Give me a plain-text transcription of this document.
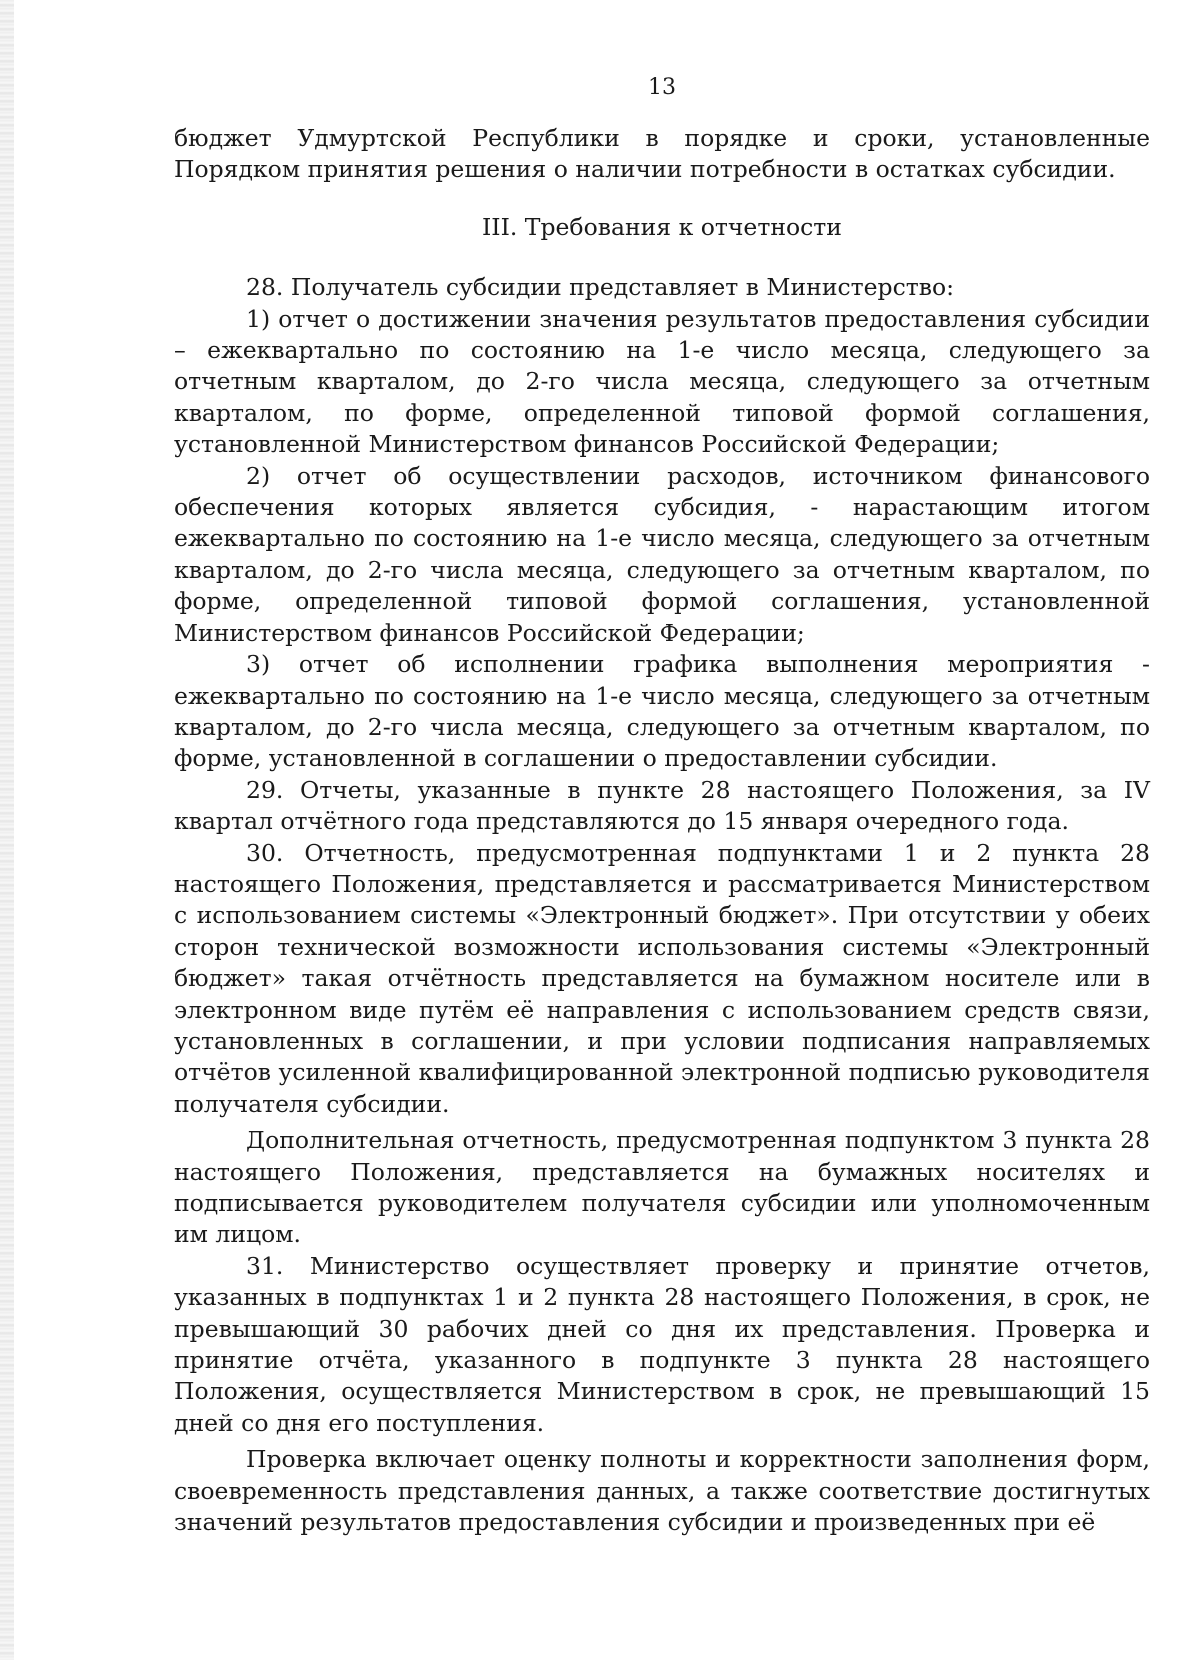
13

бюджет Удмуртской Республики в порядке и сроки, установленные Порядком принятия решения о наличии потребности в остатках субсидии.

III. Требования к отчетности

28. Получатель субсидии представляет в Министерство:

1) отчет о достижении значения результатов предоставления субсидии – ежеквартально по состоянию на 1-е число месяца, следующего за отчетным кварталом, до 2-го числа месяца, следующего за отчетным кварталом, по форме, определенной типовой формой соглашения, установленной Министерством финансов Российской Федерации;

2) отчет об осуществлении расходов, источником финансового обеспечения которых является субсидия, - нарастающим итогом ежеквартально по состоянию на 1-е число месяца, следующего за отчетным кварталом, до 2-го числа месяца, следующего за отчетным кварталом, по форме, определенной типовой формой соглашения, установленной Министерством финансов Российской Федерации;

3) отчет об исполнении графика выполнения мероприятия - ежеквартально по состоянию на 1-е число месяца, следующего за отчетным кварталом, до 2-го числа месяца, следующего за отчетным кварталом, по форме, установленной в соглашении о предоставлении субсидии.

29. Отчеты, указанные в пункте 28 настоящего Положения, за IV квартал отчётного года представляются до 15 января очередного года.

30. Отчетность, предусмотренная подпунктами 1 и 2 пункта 28 настоящего Положения, представляется и рассматривается Министерством с использованием системы «Электронный бюджет». При отсутствии у обеих сторон технической возможности использования системы «Электронный бюджет» такая отчётность представляется на бумажном носителе или в электронном виде путём её направления с использованием средств связи, установленных в соглашении, и при условии подписания направляемых отчётов усиленной квалифицированной электронной подписью руководителя получателя субсидии.

Дополнительная отчетность, предусмотренная подпунктом 3 пункта 28 настоящего Положения, представляется на бумажных носителях и подписывается руководителем получателя субсидии или уполномоченным им лицом.

31. Министерство осуществляет проверку и принятие отчетов, указанных в подпунктах 1 и 2 пункта 28 настоящего Положения, в срок, не превышающий 30 рабочих дней со дня их представления. Проверка и принятие отчёта, указанного в подпункте 3 пункта 28 настоящего Положения, осуществляется Министерством в срок, не превышающий 15 дней со дня его поступления.

Проверка включает оценку полноты и корректности заполнения форм, своевременность представления данных, а также соответствие достигнутых значений результатов предоставления субсидии и произведенных при её
